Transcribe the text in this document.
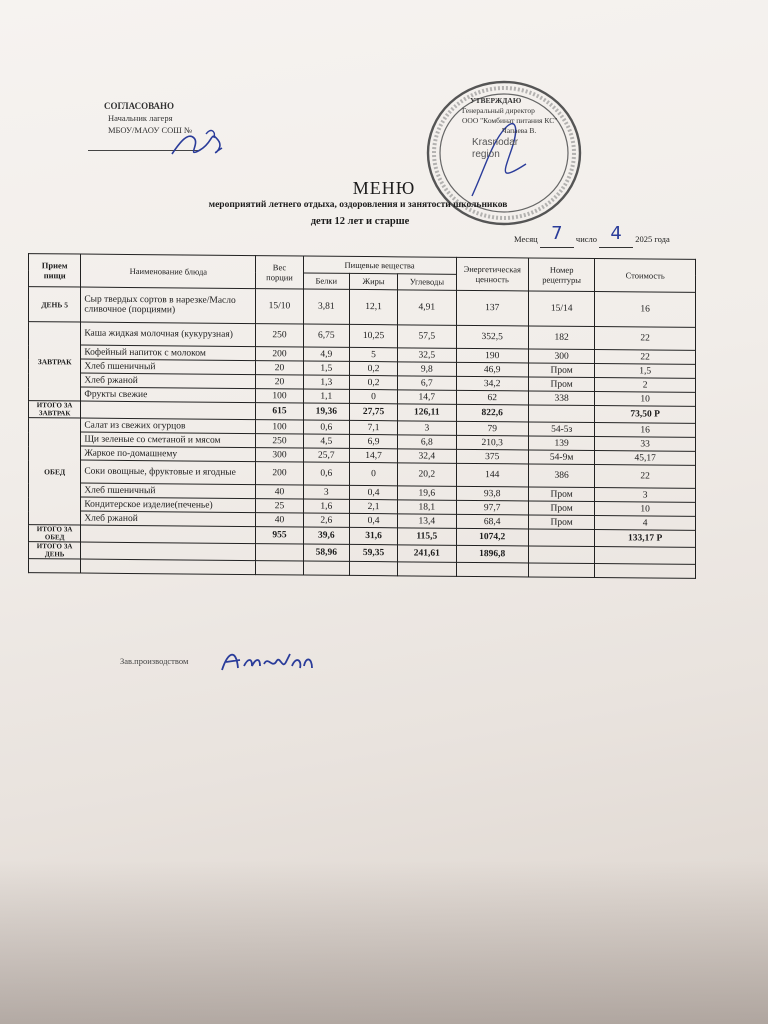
СОГЛАСОВАНО
Начальник лагеря
МБОУ/МАОУ СОШ №
УТВЕРЖДАЮ
Генеральный директор
ООО "Комбинат питания КС"
Чапаева В.
Krasnodar
region
МЕНЮ
мероприятий летнего отдыха, оздоровления и занятости школьников
дети 12 лет и старше
Месяц 7 число 4 2025 года
Прием пищи	Наименование блюда	Вес порции	Пищевые вещества			Энергетическая ценность	Номер рецептуры	Стоимость
			Белки	Жиры	Углеводы			
ДЕНЬ 5	Сыр твердых сортов в нарезке/Масло сливочное (порциями)	15/10	3,81	12,1	4,91	137	15/14	16
ЗАВТРАК	Каша жидкая молочная (кукурузная)	250	6,75	10,25	57,5	352,5	182	22
	Кофейный напиток с молоком	200	4,9	5	32,5	190	300	22
	Хлеб пшеничный	20	1,5	0,2	9,8	46,9	Пром	1,5
	Хлеб ржаной	20	1,3	0,2	6,7	34,2	Пром	2
	Фрукты свежие	100	1,1	0	14,7	62	338	10
ИТОГО ЗА ЗАВТРАК		615	19,36	27,75	126,11	822,6		73,50 Р
ОБЕД	Салат из свежих огурцов	100	0,6	7,1	3	79	54-5з	16
	Щи зеленые со сметаной и мясом	250	4,5	6,9	6,8	210,3	139	33
	Жаркое по-домашнему	300	25,7	14,7	32,4	375	54-9м	45,17
	Соки овощные, фруктовые и ягодные	200	0,6	0	20,2	144	386	22
	Хлеб пшеничный	40	3	0,4	19,6	93,8	Пром	3
	Кондитерское изделие(печенье)	25	1,6	2,1	18,1	97,7	Пром	10
	Хлеб ржаной	40	2,6	0,4	13,4	68,4	Пром	4
ИТОГО ЗА ОБЕД		955	39,6	31,6	115,5	1074,2		133,17 Р
ИТОГО ЗА ДЕНЬ			58,96	59,35	241,61	1896,8		

Зав.производством
